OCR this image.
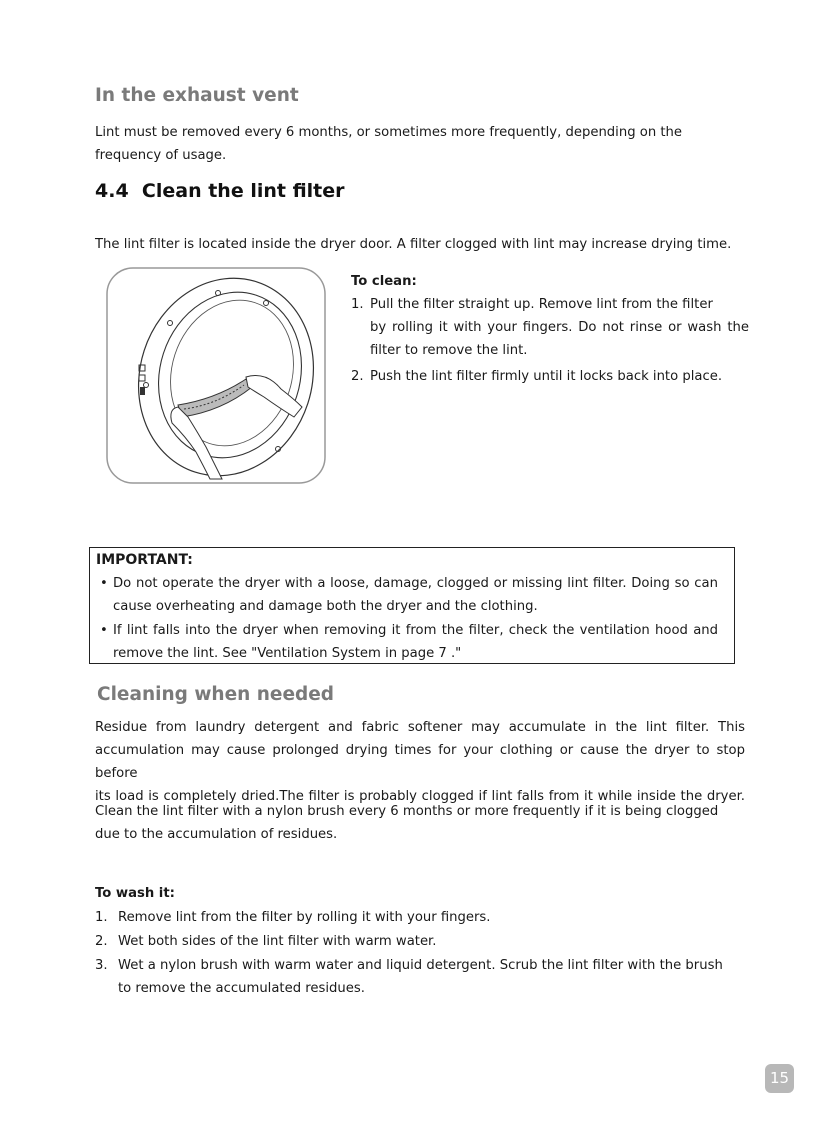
In the exhaust vent
Lint must be removed every 6 months, or sometimes more frequently, depending on the
frequency of usage.
4.4 Clean the lint filter
The lint filter is located inside the dryer door. A filter clogged with lint may increase drying time.
To clean:
1. Pull the filter straight up. Remove lint from the filter
by rolling it with your fingers. Do not rinse or wash the
filter to remove the lint.
2. Push the lint filter firmly until it locks back into place.
IMPORTANT:
• Do not operate the dryer with a loose, damage, clogged or missing lint filter. Doing so can
cause overheating and damage both the dryer and the clothing.
• If lint falls into the dryer when removing it from the filter, check the ventilation hood and
remove the lint. See "Ventilation System in page 7 ."
Cleaning when needed
Residue from laundry detergent and fabric softener may accumulate in the lint filter. This
accumulation may cause prolonged drying times for your clothing or cause the dryer to stop before
its load is completely dried.The filter is probably clogged if lint falls from it while inside the dryer.
Clean the lint filter with a nylon brush every 6 months or more frequently if it is being clogged
due to the accumulation of residues.
To wash it:
1. Remove lint from the filter by rolling it with your fingers.
2. Wet both sides of the lint filter with warm water.
3. Wet a nylon brush with warm water and liquid detergent. Scrub the lint filter with the brush
to remove the accumulated residues.
15
